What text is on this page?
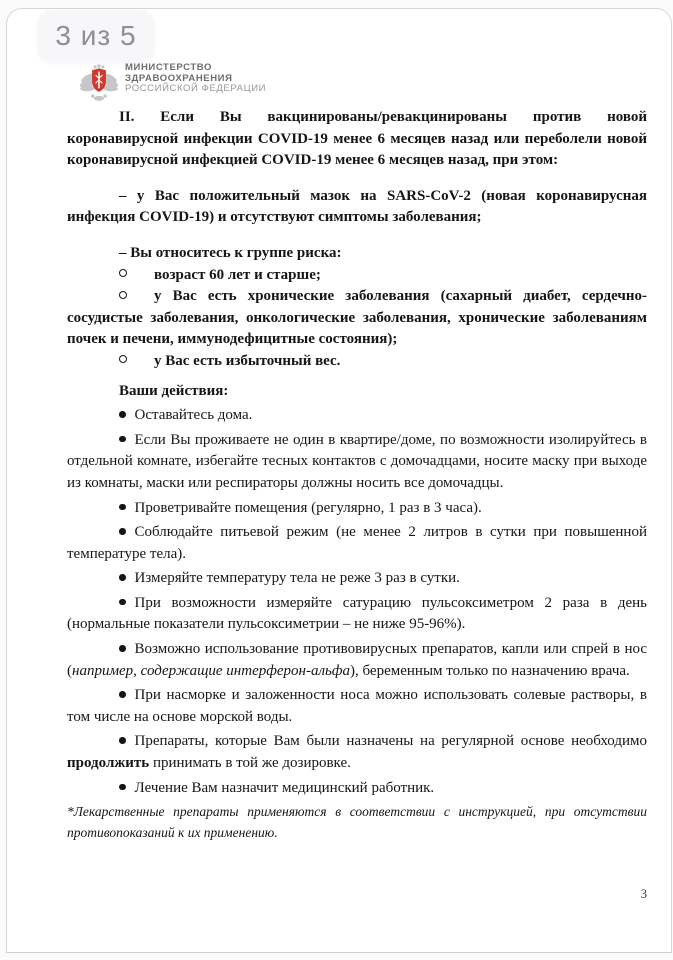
МИНИСТЕРСТВО
ЗДРАВООХРАНЕНИЯ
РОССИЙСКОЙ ФЕДЕРАЦИИ

II. Если Вы вакцинированы/ревакцинированы против новой коронавирусной инфекции COVID-19 менее 6 месяцев назад или переболели новой коронавирусной инфекцией COVID-19 менее 6 месяцев назад, при этом:

– у Вас положительный мазок на SARS-CoV-2 (новая коронавирусная инфекция COVID-19) и отсутствуют симптомы заболевания;

– Вы относитесь к группе риска:

возраст 60 лет и старше;

у Вас есть хронические заболевания (сахарный диабет, сердечно-сосудистые заболевания, онкологические заболевания, хронические заболеваниям почек и печени, иммунодефицитные состояния);

у Вас есть избыточный вес.

Ваши действия:

Оставайтесь дома.

Если Вы проживаете не один в квартире/доме, по возможности изолируйтесь в отдельной комнате, избегайте тесных контактов с домочадцами, носите маску при выходе из комнаты, маски или респираторы должны носить все домочадцы.

Проветривайте помещения (регулярно, 1 раз в 3 часа).

Соблюдайте питьевой режим (не менее 2 литров в сутки при повышенной температуре тела).

Измеряйте температуру тела не реже 3 раз в сутки.

При возможности измеряйте сатурацию пульсоксиметром 2 раза в день (нормальные показатели пульсоксиметрии – не ниже 95-96%).

Возможно использование противовирусных препаратов, капли или спрей в нос (например, содержащие интерферон-альфа), беременным только по назначению врача.

При насморке и заложенности носа можно использовать солевые растворы, в том числе на основе морской воды.

Препараты, которые Вам были назначены на регулярной основе необходимо продолжить принимать в той же дозировке.

Лечение Вам назначит медицинский работник.

*Лекарственные препараты применяются в соответствии с инструкцией, при отсутствии противопоказаний к их применению.

3
3 из 5
